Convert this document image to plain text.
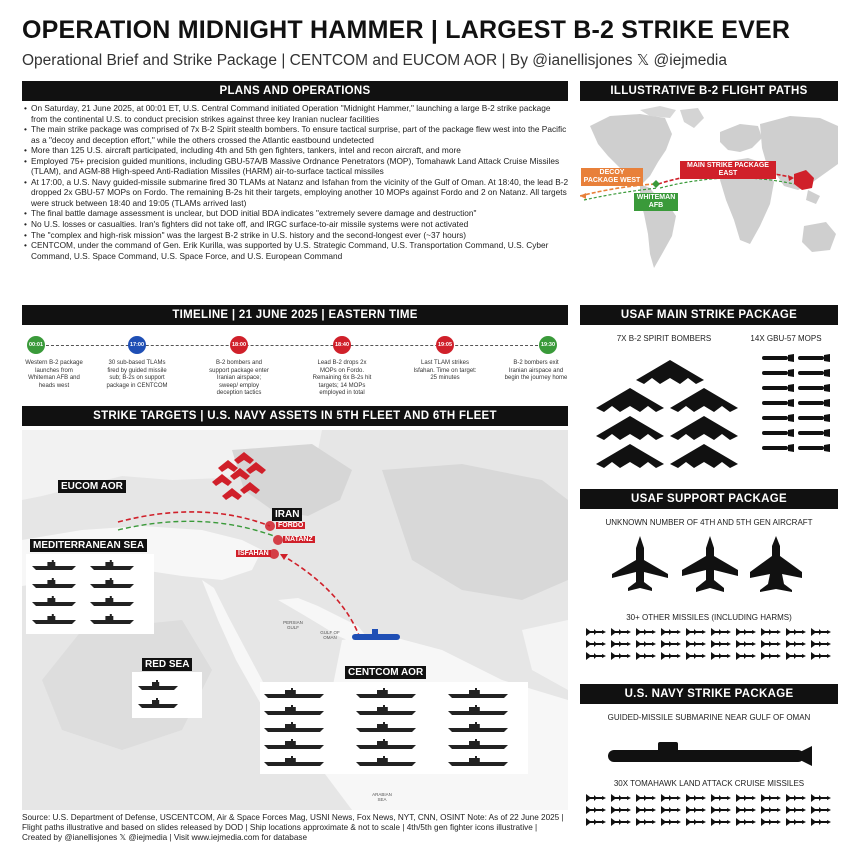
OPERATION MIDNIGHT HAMMER | LARGEST B-2 STRIKE EVER
Operational Brief and Strike Package | CENTCOM and EUCOM AOR | By @ianellisjones 𝕏 @iejmedia
PLANS AND OPERATIONS
• On Saturday, 21 June 2025, at 00:01 ET, U.S. Central Command initiated Operation "Midnight Hammer," launching a large B-2 strike package from the continental U.S. to conduct precision strikes against three key Iranian nuclear facilities
• The main strike package was comprised of 7x B-2 Spirit stealth bombers. To ensure tactical surprise, part of the package flew west into the Pacific as a "decoy and deception effort," while the others crossed the Atlantic eastbound undetected
• More than 125 U.S. aircraft participated, including 4th and 5th gen fighters, tankers, intel and recon aircraft, and more
• Employed 75+ precision guided munitions, including GBU-57A/B Massive Ordnance Penetrators (MOP), Tomahawk Land Attack Cruise Missiles (TLAM), and AGM-88 High-speed Anti-Radiation Missiles (HARM) air-to-surface tactical missiles
• At 17:00, a U.S. Navy guided-missile submarine fired 30 TLAMs at Natanz and Isfahan from the vicinity of the Gulf of Oman. At 18:40, the lead B-2 dropped 2x GBU-57 MOPs on Fordo. The remaining B-2s hit their targets, employing another 10 MOPs against Fordo and 2 on Natanz. All targets were struck between 18:40 and 19:05 (TLAMs arrived last)
• The final battle damage assessment is unclear, but DOD initial BDA indicates "extremely severe damage and destruction"
• No U.S. losses or casualties. Iran's fighters did not take off, and IRGC surface-to-air missile systems were not activated
• The "complex and high-risk mission" was the largest B-2 strike in U.S. history and the second-longest ever (~37 hours)
• CENTCOM, under the command of Gen. Erik Kurilla, was supported by U.S. Strategic Command, U.S. Transportation Command, U.S. Cyber Command, U.S. Space Command, U.S. Space Force, and U.S. European Command
ILLUSTRATIVE B-2 FLIGHT PATHS
DECOY PACKAGE WEST
MAIN STRIKE PACKAGE EAST
WHITEMAN AFB
TIMELINE | 21 JUNE 2025 | EASTERN TIME
00:01
Western B-2 package launches from Whiteman AFB and heads west
17:00
30 sub-based TLAMs fired by guided missile sub; B-2s on support package in CENTCOM
18:00
B-2 bombers and support package enter Iranian airspace; sweep/ employ deception tactics
18:40
Lead B-2 drops 2x MOPs on Fordo. Remaining 6x B-2s hit targets; 14 MOPs employed in total
19:05
Last TLAM strikes Isfahan. Time on target: 25 minutes
19:30
B-2 bombers exit Iranian airspace and begin the journey home
STRIKE TARGETS | U.S. NAVY ASSETS IN 5TH FLEET AND 6TH FLEET
EUCOM AOR
IRAN
MEDITERRANEAN SEA
RED SEA
CENTCOM AOR
FORDO
NATANZ
ISFAHAN
PERSIAN GULF
GULF OF OMAN
ARABIAN SEA
USAF MAIN STRIKE PACKAGE
7X B-2 SPIRIT BOMBERS	14X GBU-57 MOPS
USAF SUPPORT PACKAGE
UNKNOWN NUMBER OF 4TH AND 5TH GEN AIRCRAFT
30+ OTHER MISSILES (INCLUDING HARMS)
U.S. NAVY STRIKE PACKAGE
GUIDED-MISSILE SUBMARINE NEAR GULF OF OMAN
30X TOMAHAWK LAND ATTACK CRUISE MISSILES
Source: U.S. Department of Defense, USCENTCOM, Air & Space Forces Mag, USNI News, Fox News, NYT, CNN, OSINT Note: As of 22 June 2025 | Flight paths illustrative and based on slides released by DOD | Ship locations approximate & not to scale | 4th/5th gen fighter icons illustrative | Created by @ianellisjones 𝕏 @iejmedia | Visit www.iejmedia.com for database
